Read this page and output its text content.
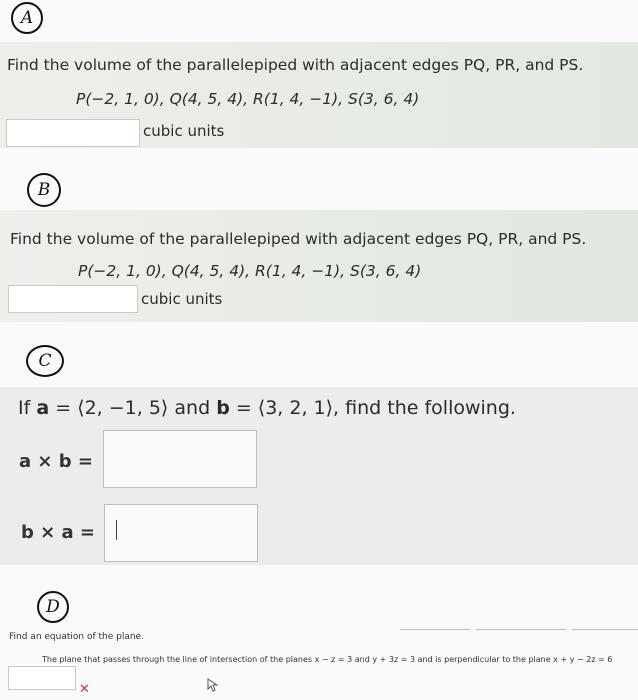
A
Find the volume of the parallelepiped with adjacent edges PQ, PR, and PS.
P(−2, 1, 0), Q(4, 5, 4), R(1, 4, −1), S(3, 6, 4)
cubic units
B
Find the volume of the parallelepiped with adjacent edges PQ, PR, and PS.
P(−2, 1, 0), Q(4, 5, 4), R(1, 4, −1), S(3, 6, 4)
cubic units
C
If a = ⟨2, −1, 5⟩ and b = ⟨3, 2, 1⟩, find the following.
a × b =
b × a =
D
Find an equation of the plane.
The plane that passes through the line of intersection of the planes x − z = 3 and y + 3z = 3 and is perpendicular to the plane x + y − 2z = 6
✕
